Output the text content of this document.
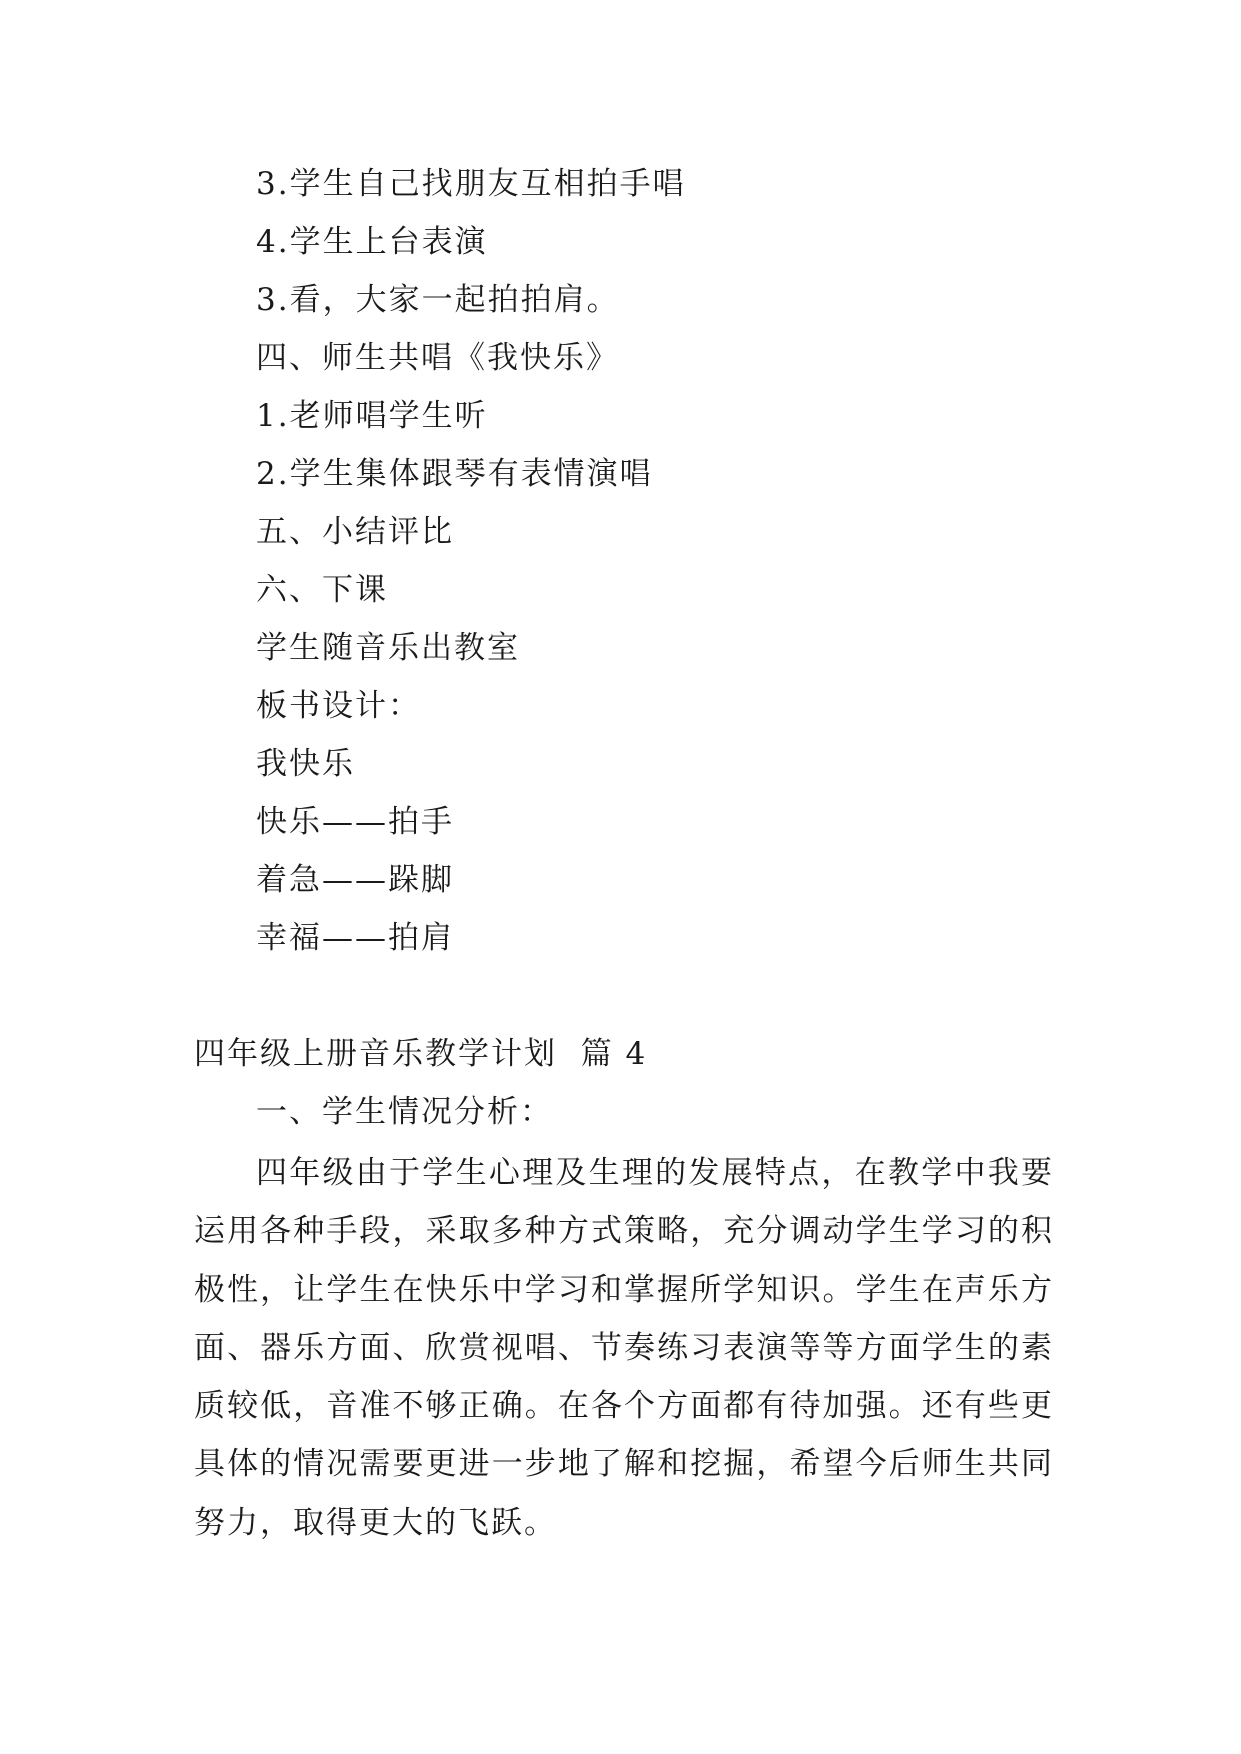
3.学生自己找朋友互相拍手唱
4.学生上台表演
3.看，大家一起拍拍肩。
四、师生共唱《我快乐》
1.老师唱学生听
2.学生集体跟琴有表情演唱
五、小结评比
六、下课
学生随音乐出教室
板书设计：
我快乐
快乐——拍手
着急——跺脚
幸福——拍肩
四年级上册音乐教学计划  篇 4
一、学生情况分析：
四年级由于学生心理及生理的发展特点，在教学中我要运用各种手段，采取多种方式策略，充分调动学生学习的积极性，让学生在快乐中学习和掌握所学知识。学生在声乐方面、器乐方面、欣赏视唱、节奏练习表演等等方面学生的素质较低，音准不够正确。在各个方面都有待加强。还有些更具体的情况需要更进一步地了解和挖掘，希望今后师生共同努力，取得更大的飞跃。
